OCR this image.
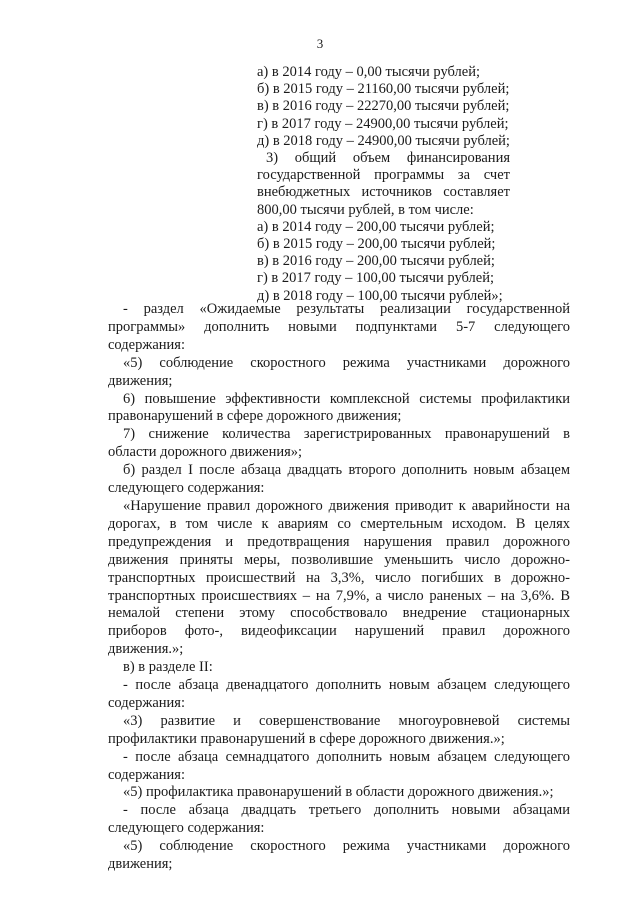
3
а) в 2014 году – 0,00 тысячи рублей;
б) в 2015 году – 21160,00 тысячи рублей;
в) в 2016 году – 22270,00 тысячи рублей;
г) в 2017 году – 24900,00 тысячи рублей;
д) в 2018 году – 24900,00 тысячи рублей;
3) общий объем финансирования государственной программы за счет внебюджетных источников составляет 800,00 тысячи рублей, в том числе:
а) в 2014 году – 200,00 тысячи рублей;
б) в 2015 году – 200,00 тысячи рублей;
в) в 2016 году – 200,00 тысячи рублей;
г) в 2017 году – 100,00 тысячи рублей;
д) в 2018 году – 100,00 тысячи рублей»;

- раздел «Ожидаемые результаты реализации государственной программы» дополнить новыми подпунктами 5-7 следующего содержания:

«5) соблюдение скоростного режима участниками дорожного движения;

6) повышение эффективности комплексной системы профилактики правонарушений в сфере дорожного движения;

7) снижение количества зарегистрированных правонарушений в области дорожного движения»;

б) раздел I после абзаца двадцать второго дополнить новым абзацем следующего содержания:

«Нарушение правил дорожного движения приводит к аварийности на дорогах, в том числе к авариям со смертельным исходом. В целях предупреждения и предотвращения нарушения правил дорожного движения приняты меры, позволившие уменьшить число дорожно-транспортных происшествий на 3,3%, число погибших в дорожно-транспортных происшествиях – на 7,9%, а число раненых – на 3,6%. В немалой степени этому способствовало внедрение стационарных приборов фото-, видеофиксации нарушений правил дорожного движения.»;

в) в разделе II:

- после абзаца двенадцатого дополнить новым абзацем следующего содержания:

«3) развитие и совершенствование многоуровневой системы профилактики правонарушений в сфере дорожного движения.»;

- после абзаца семнадцатого дополнить новым абзацем следующего содержания:

«5) профилактика правонарушений в области дорожного движения.»;

- после абзаца двадцать третьего дополнить новыми абзацами следующего содержания:

«5) соблюдение скоростного режима участниками дорожного движения;
